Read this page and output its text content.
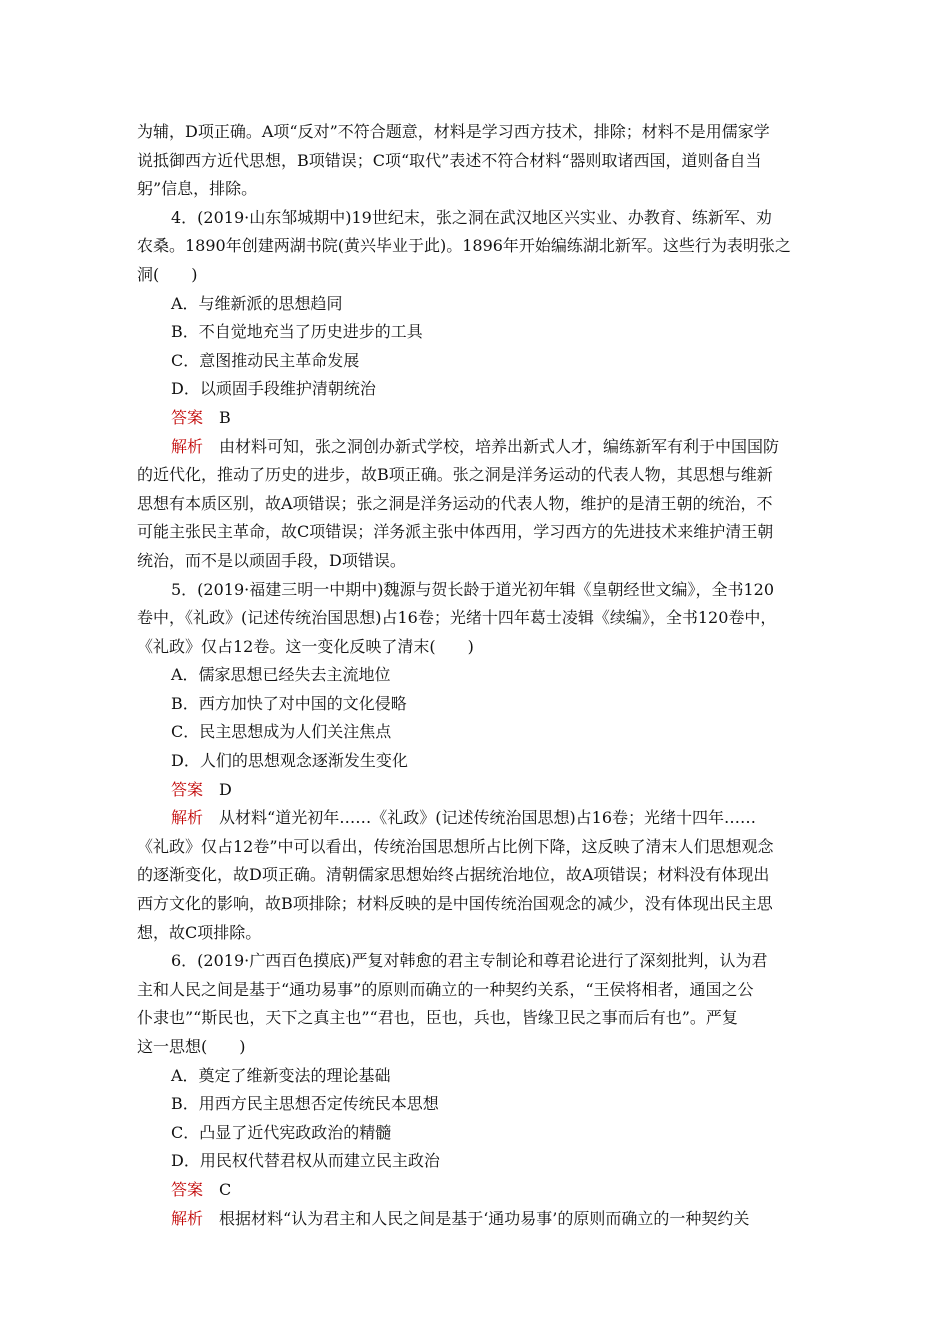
为辅，D项正确。A项“反对”不符合题意，材料是学习西方技术，排除；材料不是用儒家学

说抵御西方近代思想，B项错误；C项“取代”表述不符合材料“器则取诸西国，道则备自当

躬”信息，排除。

4．(2019·山东邹城期中)19世纪末，张之洞在武汉地区兴实业、办教育、练新军、劝

农桑。1890年创建两湖书院(黄兴毕业于此)。1896年开始编练湖北新军。这些行为表明张之

洞(　　)

A．与维新派的思想趋同

B．不自觉地充当了历史进步的工具

C．意图推动民主革命发展

D．以顽固手段维护清朝统治

答案 B

解析 由材料可知，张之洞创办新式学校，培养出新式人才，编练新军有利于中国国防

的近代化，推动了历史的进步，故B项正确。张之洞是洋务运动的代表人物，其思想与维新

思想有本质区别，故A项错误；张之洞是洋务运动的代表人物，维护的是清王朝的统治，不

可能主张民主革命，故C项错误；洋务派主张中体西用，学习西方的先进技术来维护清王朝

统治，而不是以顽固手段，D项错误。

5．(2019·福建三明一中期中)魏源与贺长龄于道光初年辑《皇朝经世文编》，全书120

卷中，《礼政》(记述传统治国思想)占16卷；光绪十四年葛士凌辑《续编》，全书120卷中，

《礼政》仅占12卷。这一变化反映了清末(　　)

A．儒家思想已经失去主流地位

B．西方加快了对中国的文化侵略

C．民主思想成为人们关注焦点

D．人们的思想观念逐渐发生变化

答案 D

解析 从材料“道光初年……《礼政》(记述传统治国思想)占16卷；光绪十四年……

《礼政》仅占12卷”中可以看出，传统治国思想所占比例下降，这反映了清末人们思想观念

的逐渐变化，故D项正确。清朝儒家思想始终占据统治地位，故A项错误；材料没有体现出

西方文化的影响，故B项排除；材料反映的是中国传统治国观念的减少，没有体现出民主思

想，故C项排除。

6．(2019·广西百色摸底)严复对韩愈的君主专制论和尊君论进行了深刻批判，认为君

主和人民之间是基于“通功易事”的原则而确立的一种契约关系，“王侯将相者，通国之公

仆隶也”“斯民也，天下之真主也”“君也，臣也，兵也，皆缘卫民之事而后有也”。严复

这一思想(　　)

A．奠定了维新变法的理论基础

B．用西方民主思想否定传统民本思想

C．凸显了近代宪政政治的精髓

D．用民权代替君权从而建立民主政治

答案 C

解析 根据材料“认为君主和人民之间是基于‘通功易事’的原则而确立的一种契约关
